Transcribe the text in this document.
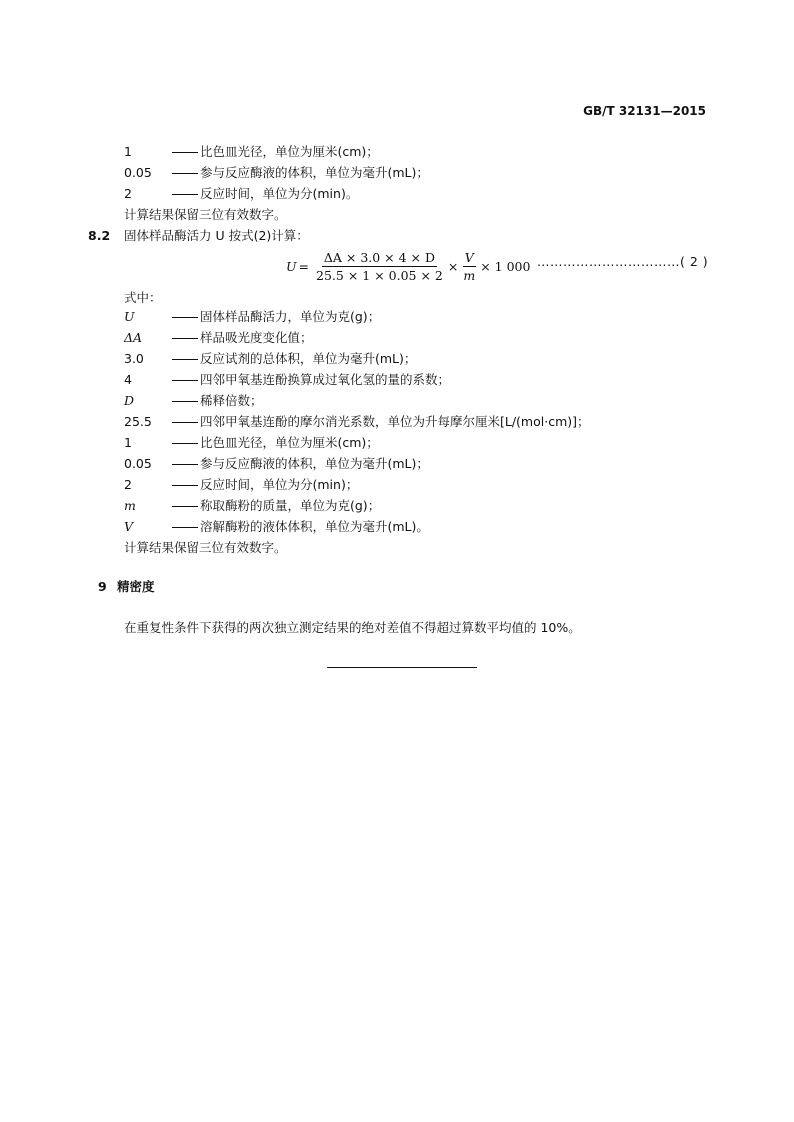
GB/T 32131—2015
1	比色皿光径，单位为厘米(cm)；
0.05	参与反应酶液的体积，单位为毫升(mL)；
2	反应时间，单位为分(min)。
计算结果保留三位有效数字。
8.2 固体样品酶活力 U 按式(2)计算：
$U = \frac{\Delta A \times 3.0 \times 4 \times D}{25.5 \times 1 \times 0.05 \times 2} \times \frac{V}{m} \times 1$ 000 ……………………………( 2 )
式中：
U	固体样品酶活力，单位为克(g)；
ΔA	样品吸光度变化值；
3.0	反应试剂的总体积，单位为毫升(mL)；
4	四邻甲氧基连酚换算成过氧化氢的量的系数；
D	稀释倍数；
25.5	四邻甲氧基连酚的摩尔消光系数，单位为升每摩尔厘米[L/(mol·cm)]；
1	比色皿光径，单位为厘米(cm)；
0.05	参与反应酶液的体积，单位为毫升(mL)；
2	反应时间，单位为分(min)；
m	称取酶粉的质量，单位为克(g)；
V	溶解酶粉的液体体积，单位为毫升(mL)。
计算结果保留三位有效数字。
9 精密度
在重复性条件下获得的两次独立测定结果的绝对差值不得超过算数平均值的 10%。
